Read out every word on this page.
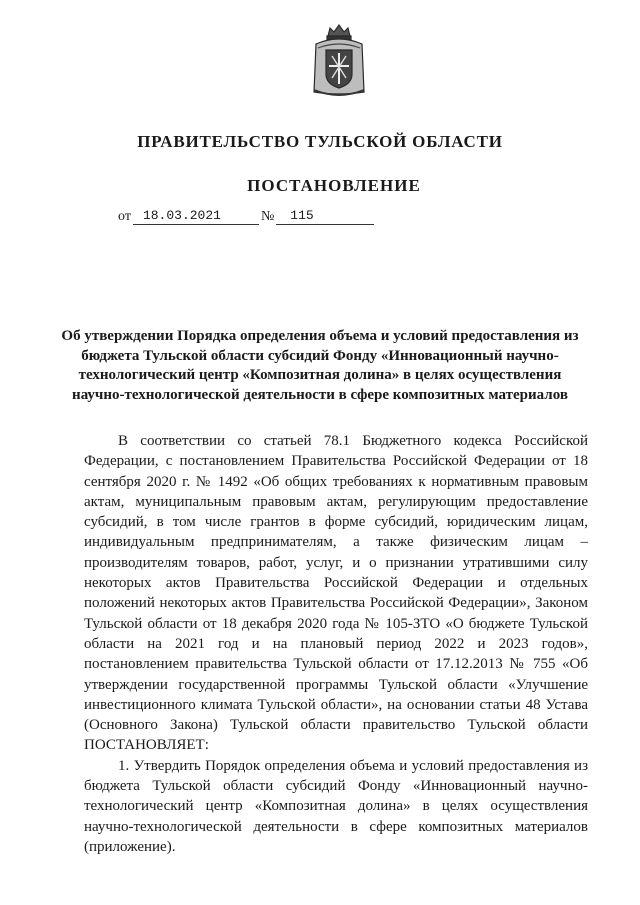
ПРАВИТЕЛЬСТВО ТУЛЬСКОЙ ОБЛАСТИ
ПОСТАНОВЛЕНИЕ
от 18.03.2021	№	115
Об утверждении Порядка определения объема и условий предоставления из бюджета Тульской области субсидий Фонду «Инновационный научно-технологический центр «Композитная долина» в целях осуществления научно-технологической деятельности в сфере композитных материалов

В соответствии со статьей 78.1 Бюджетного кодекса Российской Федерации, с постановлением Правительства Российской Федерации от 18 сентября 2020 г. № 1492 «Об общих требованиях к нормативным правовым актам, муниципальным правовым актам, регулирующим предоставление субсидий, в том числе грантов в форме субсидий, юридическим лицам, индивидуальным предпринимателям, а также физическим лицам – производителям товаров, работ, услуг, и о признании утратившими силу некоторых актов Правительства Российской Федерации и отдельных положений некоторых актов Правительства Российской Федерации», Законом Тульской области от 18 декабря 2020 года № 105-ЗТО «О бюджете Тульской области на 2021 год и на плановый период 2022 и 2023 годов», постановлением правительства Тульской области от 17.12.2013 № 755 «Об утверждении государственной программы Тульской области «Улучшение инвестиционного климата Тульской области», на основании статьи 48 Устава (Основного Закона) Тульской области правительство Тульской области ПОСТАНОВЛЯЕТ:

1. Утвердить Порядок определения объема и условий предоставления из бюджета Тульской области субсидий Фонду «Инновационный научно-технологический центр «Композитная долина» в целях осуществления научно-технологической деятельности в сфере композитных материалов (приложение).
